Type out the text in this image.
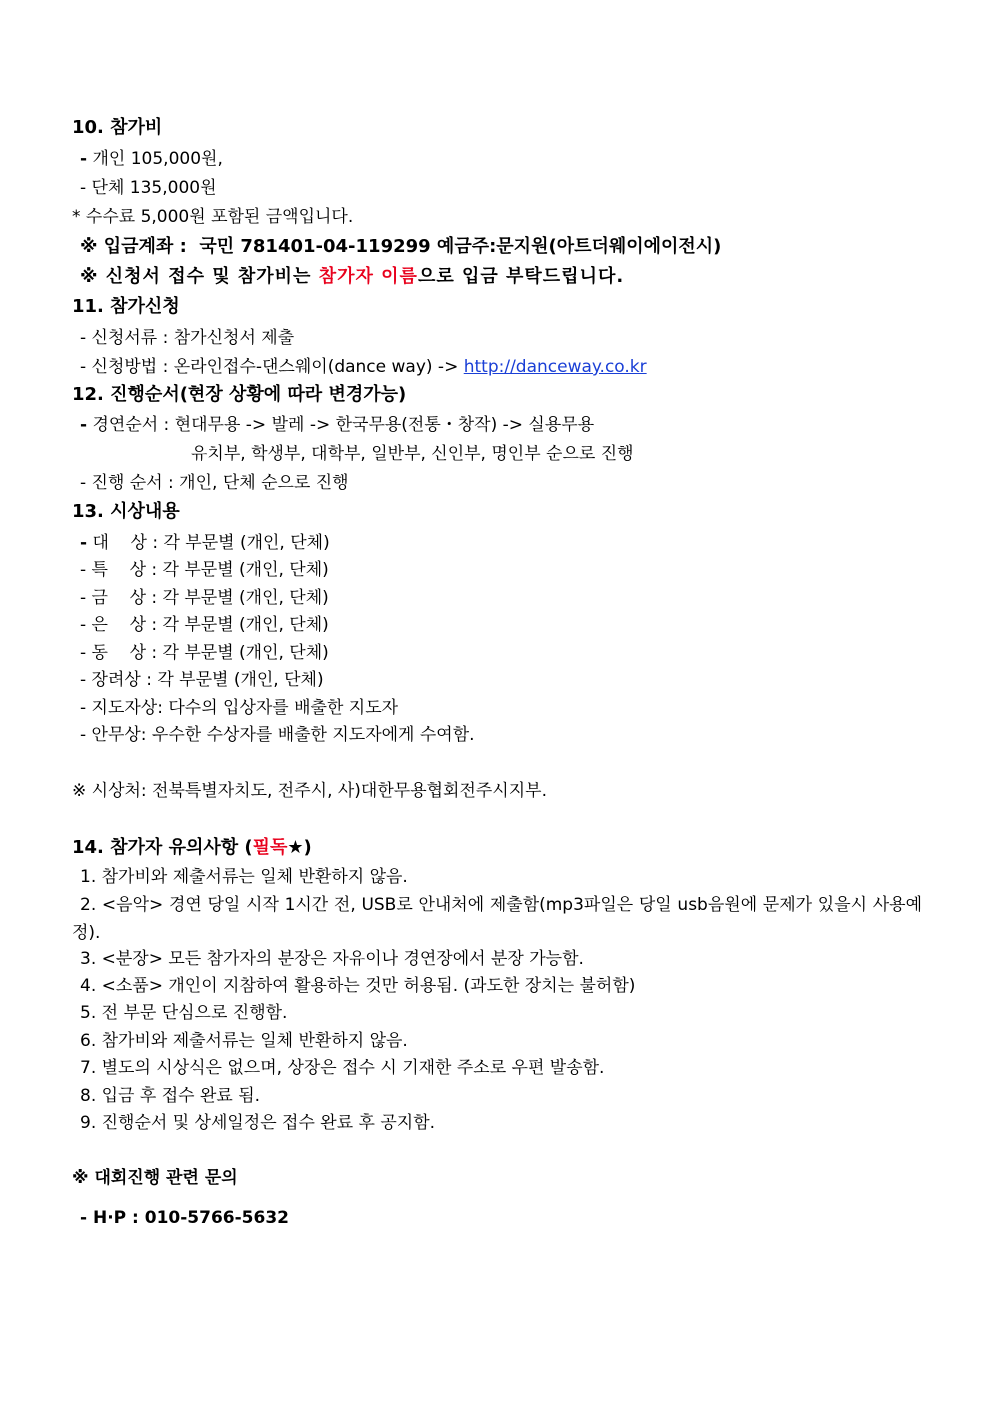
10. 참가비
- 개인 105,000원,
- 단체 135,000원
* 수수료 5,000원 포함된 금액입니다.
※ 입금계좌 : 국민 781401-04-119299 예금주:문지원(아트더웨이에이전시)
※ 신청서 접수 및 참가비는 참가자 이름으로 입금 부탁드립니다.
11. 참가신청
- 신청서류 : 참가신청서 제출
- 신청방법 : 온라인접수-댄스웨이(dance way) -> http://danceway.co.kr
12. 진행순서(현장 상황에 따라 변경가능)
- 경연순서 : 현대무용 -> 발레 -> 한국무용(전통・창작) -> 실용무용
유치부, 학생부, 대학부, 일반부, 신인부, 명인부 순으로 진행
- 진행 순서 : 개인, 단체 순으로 진행
13. 시상내용
- 대    상 : 각 부문별 (개인, 단체)
- 특    상 : 각 부문별 (개인, 단체)
- 금    상 : 각 부문별 (개인, 단체)
- 은    상 : 각 부문별 (개인, 단체)
- 동    상 : 각 부문별 (개인, 단체)
- 장려상 : 각 부문별 (개인, 단체)
- 지도자상: 다수의 입상자를 배출한 지도자
- 안무상: 우수한 수상자를 배출한 지도자에게 수여함.
※ 시상처: 전북특별자치도, 전주시, 사)대한무용협회전주시지부.
14. 참가자 유의사항 (필독★)
1. 참가비와 제출서류는 일체 반환하지 않음.
2. <음악> 경연 당일 시작 1시간 전, USB로 안내처에 제출함(mp3파일은 당일 usb음원에 문제가 있을시 사용예정).
3. <분장> 모든 참가자의 분장은 자유이나 경연장에서 분장 가능함.
4. <소품> 개인이 지참하여 활용하는 것만 허용됨. (과도한 장치는 불허함)
5. 전 부문 단심으로 진행함.
6. 참가비와 제출서류는 일체 반환하지 않음.
7. 별도의 시상식은 없으며, 상장은 접수 시 기재한 주소로 우편 발송함.
8. 입금 후 접수 완료 됨.
9. 진행순서 및 상세일정은 접수 완료 후 공지함.
※ 대회진행 관련 문의
- H·P : 010-5766-5632
